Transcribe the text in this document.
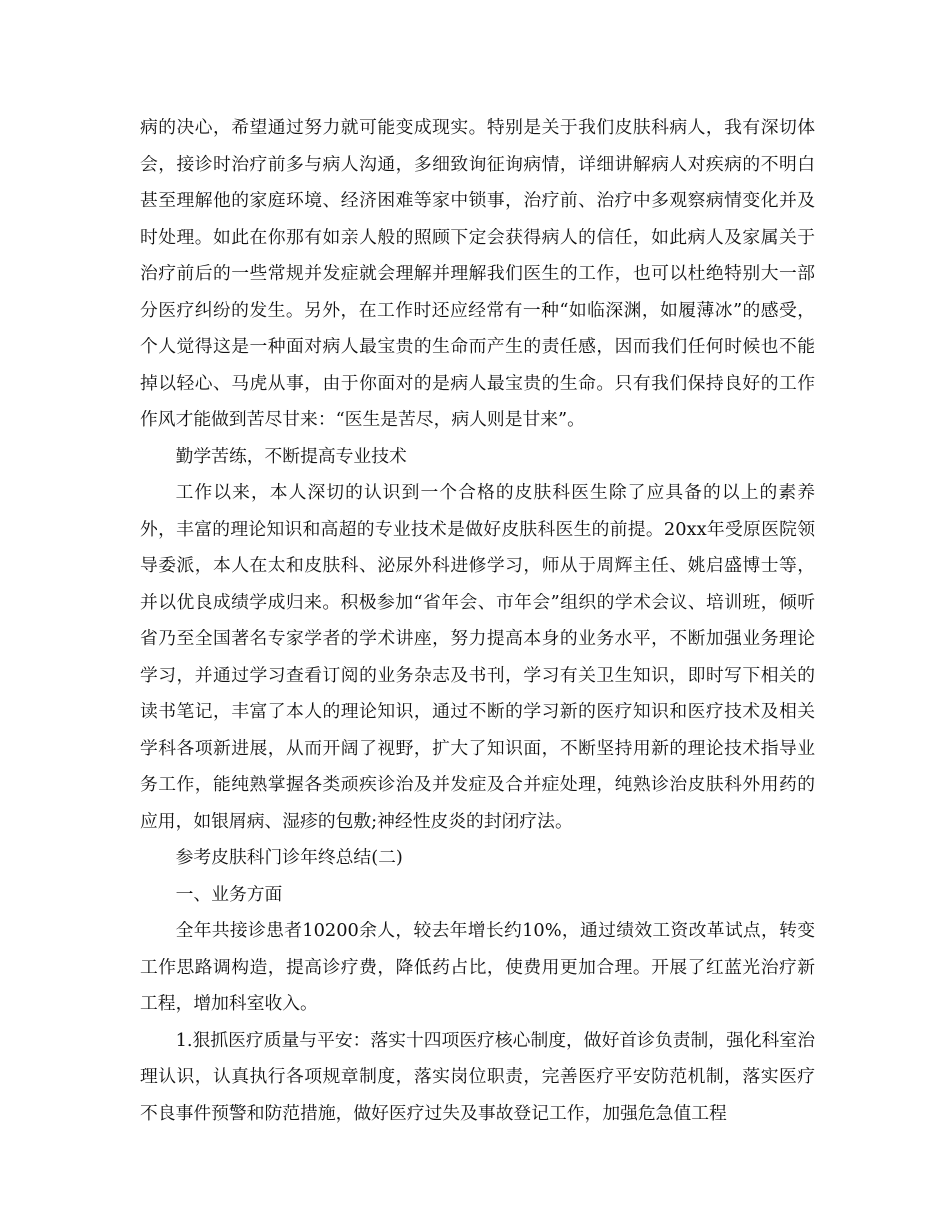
病的决心，希望通过努力就可能变成现实。特别是关于我们皮肤科病人，我有深切体会，接诊时治疗前多与病人沟通，多细致询征询病情，详细讲解病人对疾病的不明白甚至理解他的家庭环境、经济困难等家中锁事，治疗前、治疗中多观察病情变化并及时处理。如此在你那有如亲人般的照顾下定会获得病人的信任，如此病人及家属关于治疗前后的一些常规并发症就会理解并理解我们医生的工作，也可以杜绝特别大一部分医疗纠纷的发生。另外，在工作时还应经常有一种“如临深渊，如履薄冰”的感受，个人觉得这是一种面对病人最宝贵的生命而产生的责任感，因而我们任何时候也不能掉以轻心、马虎从事，由于你面对的是病人最宝贵的生命。只有我们保持良好的工作作风才能做到苦尽甘来：“医生是苦尽，病人则是甘来”。

勤学苦练，不断提高专业技术

工作以来，本人深切的认识到一个合格的皮肤科医生除了应具备的以上的素养外，丰富的理论知识和高超的专业技术是做好皮肤科医生的前提。20xx年受原医院领导委派，本人在太和皮肤科、泌尿外科进修学习，师从于周辉主任、姚启盛博士等，并以优良成绩学成归来。积极参加“省年会、市年会”组织的学术会议、培训班，倾听省乃至全国著名专家学者的学术讲座，努力提高本身的业务水平，不断加强业务理论学习，并通过学习查看订阅的业务杂志及书刊，学习有关卫生知识，即时写下相关的读书笔记，丰富了本人的理论知识，通过不断的学习新的医疗知识和医疗技术及相关学科各项新进展，从而开阔了视野，扩大了知识面，不断坚持用新的理论技术指导业务工作，能纯熟掌握各类顽疾诊治及并发症及合并症处理，纯熟诊治皮肤科外用药的应用，如银屑病、湿疹的包敷;神经性皮炎的封闭疗法。

参考皮肤科门诊年终总结(二)

一、业务方面

全年共接诊患者10200余人，较去年增长约10%，通过绩效工资改革试点，转变工作思路调构造，提高诊疗费，降低药占比，使费用更加合理。开展了红蓝光治疗新工程，增加科室收入。

1.狠抓医疗质量与平安：落实十四项医疗核心制度，做好首诊负责制，强化科室治理认识，认真执行各项规章制度，落实岗位职责，完善医疗平安防范机制，落实医疗不良事件预警和防范措施，做好医疗过失及事故登记工作，加强危急值工程
